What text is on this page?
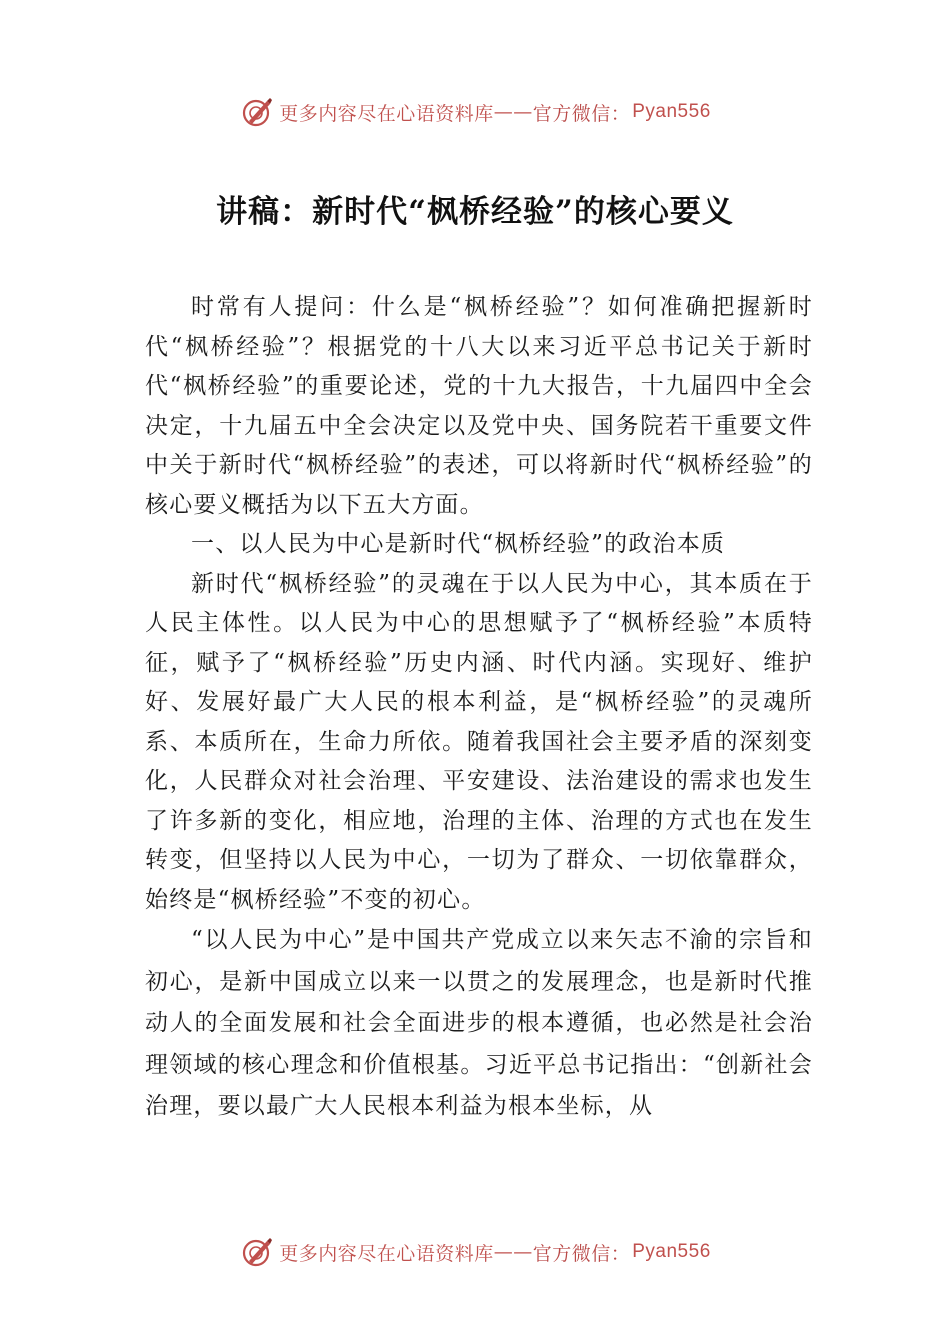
更多内容尽在心语资料库 —— 官方微信： Pyan556
讲稿：新时代“枫桥经验”的核心要义

时常有人提问：什么是“枫桥经验”？如何准确把握新时代“枫桥经验”？根据党的十八大以来习近平总书记关于新时代“枫桥经验”的重要论述，党的十九大报告，十九届四中全会决定，十九届五中全会决定以及党中央、国务院若干重要文件中关于新时代“枫桥经验”的表述，可以将新时代“枫桥经验”的核心要义概括为以下五大方面。

一、以人民为中心是新时代“枫桥经验”的政治本质

新时代“枫桥经验”的灵魂在于以人民为中心，其本质在于人民主体性。以人民为中心的思想赋予了“枫桥经验”本质特征，赋予了“枫桥经验”历史内涵、时代内涵。实现好、维护好、发展好最广大人民的根本利益，是“枫桥经验”的灵魂所系、本质所在，生命力所依。随着我国社会主要矛盾的深刻变化，人民群众对社会治理、平安建设、法治建设的需求也发生了许多新的变化，相应地，治理的主体、治理的方式也在发生转变，但坚持以人民为中心，一切为了群众、一切依靠群众，始终是“枫桥经验”不变的初心。

“以人民为中心”是中国共产党成立以来矢志不渝的宗旨和初心，是新中国成立以来一以贯之的发展理念，也是新时代推动人的全面发展和社会全面进步的根本遵循，也必然是社会治理领域的核心理念和价值根基。习近平总书记指出：“创新社会治理，要以最广大人民根本利益为根本坐标，从

更多内容尽在心语资料库 —— 官方微信： Pyan556
